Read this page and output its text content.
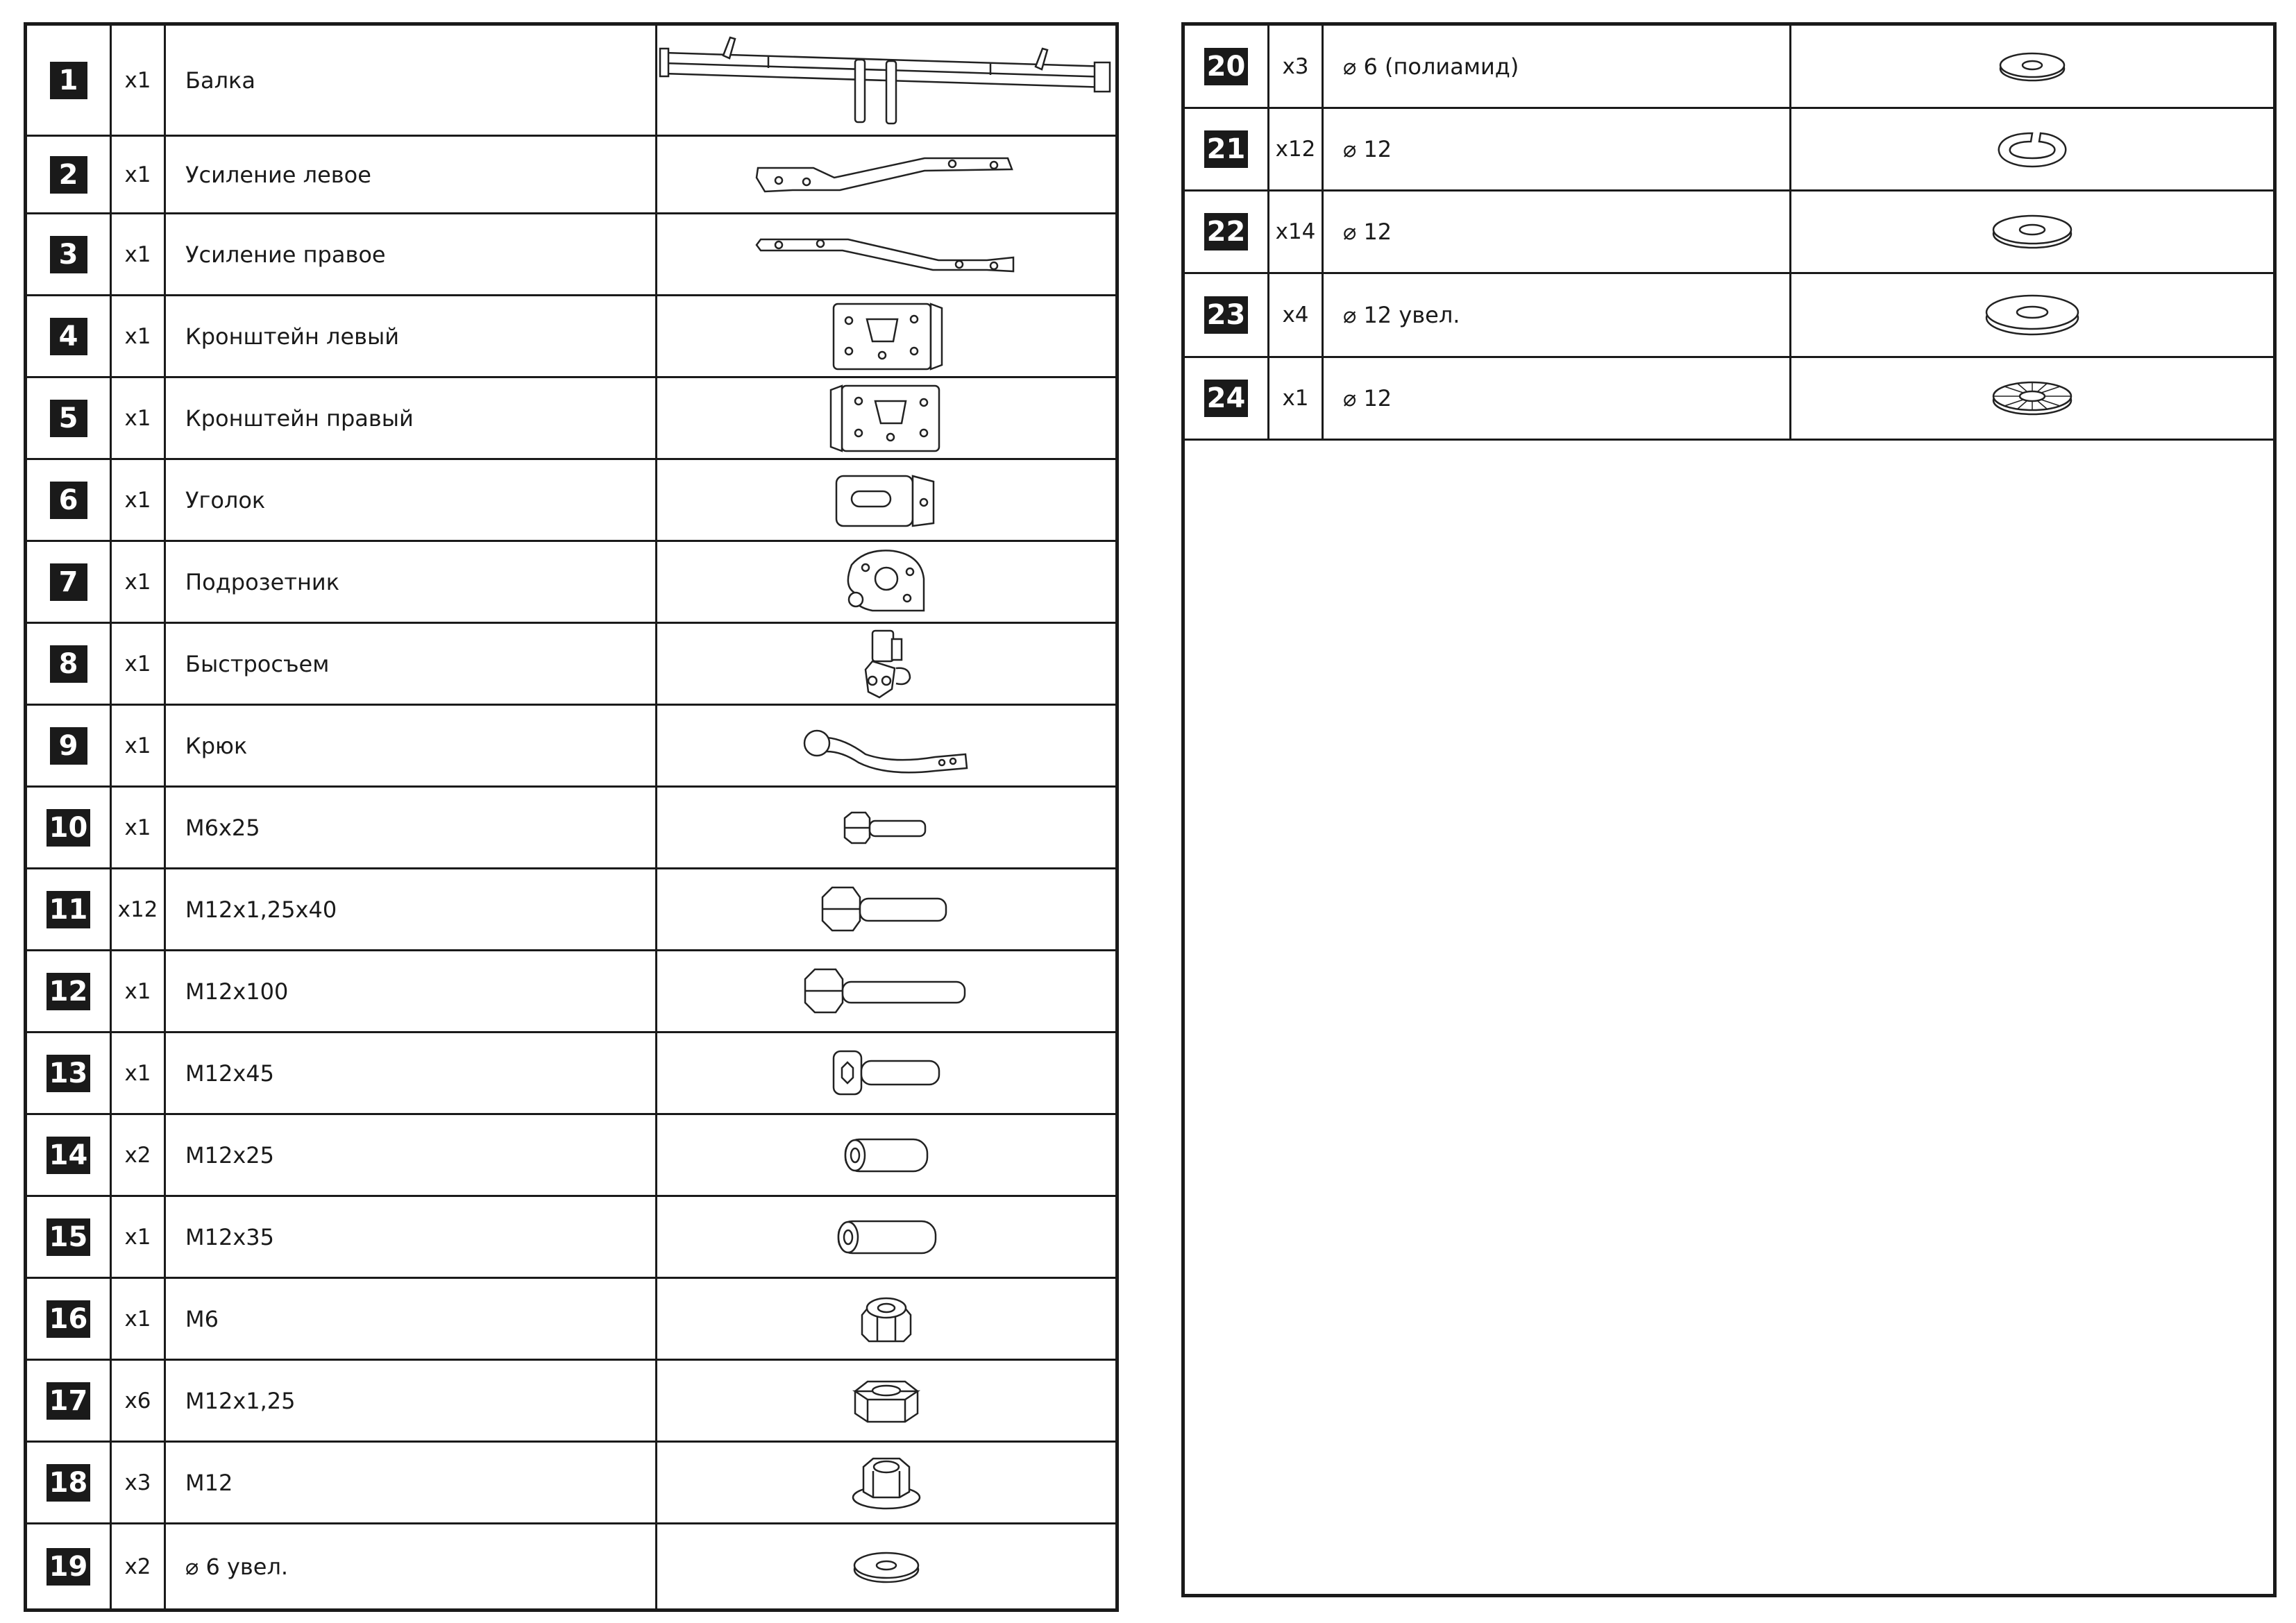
1	x1	Балка
2	x1	Усиление левое
3	x1	Усиление правое
4	x1	Кронштейн левый
5	x1	Кронштейн правый
6	x1	Уголок
7	x1	Подрозетник
8	x1	Быстросъем
9	x1	Крюк
10	x1	М6х25
11 x12	М12х1,25х40
12	x1	М12х100
13	x1	М12х45
14	x2	М12х25
15	x1	М12х35
16	x1	М6
17	x6	М12х1,25
18	x3	М12
19	x2	⌀ 6 увел.
20	x3	⌀ 6 (полиамид)
21 x12	⌀ 12
22 x14	⌀ 12
23	x4	⌀ 12 увел.
24	x1	⌀ 12
